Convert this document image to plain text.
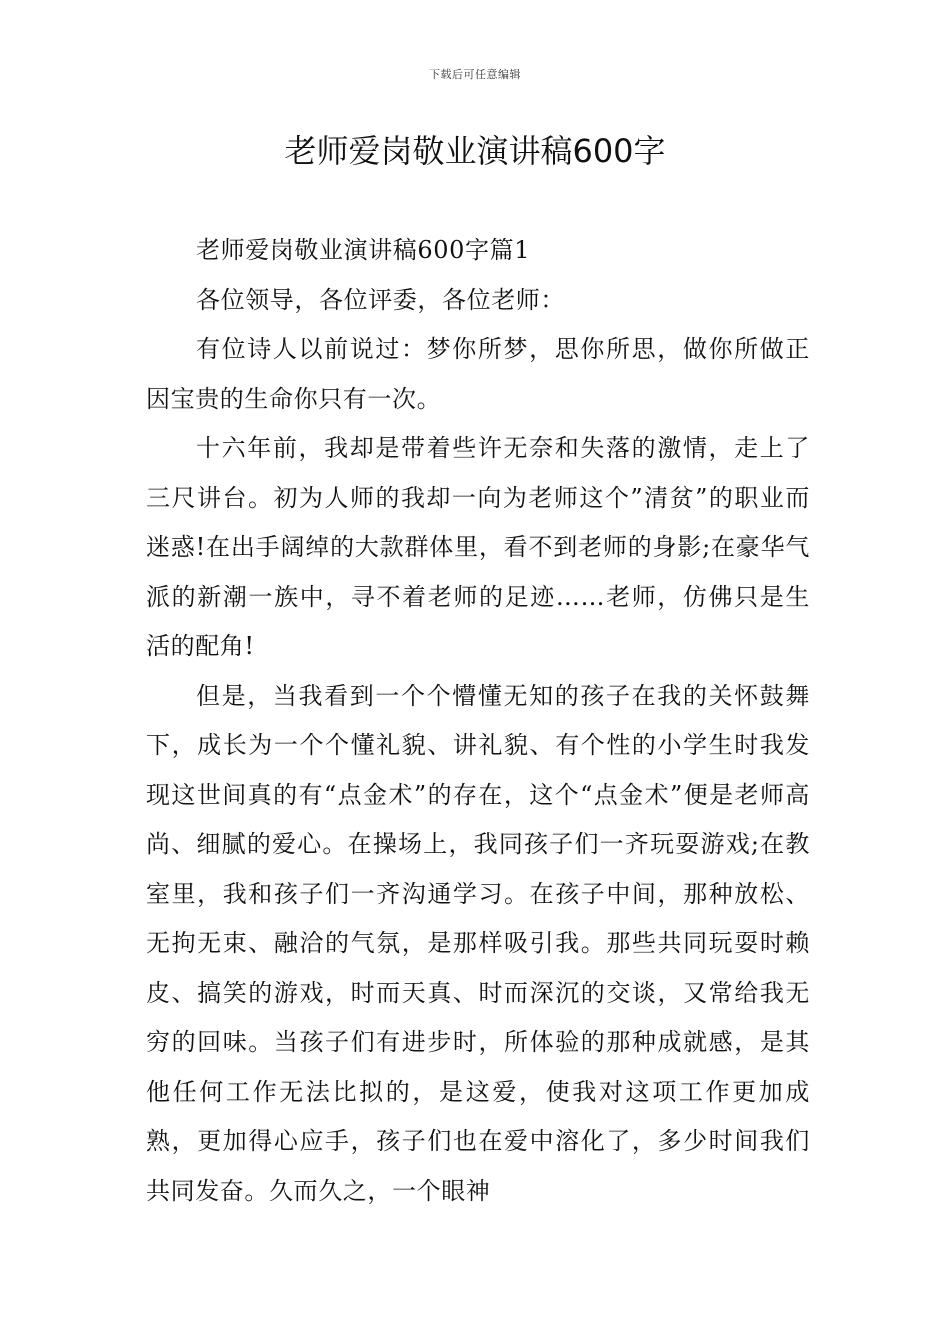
下载后可任意编辑
老师爱岗敬业演讲稿600字

老师爱岗敬业演讲稿600字篇1

各位领导，各位评委，各位老师：

有位诗人以前说过：梦你所梦，思你所思，做你所做正因宝贵的生命你只有一次。

十六年前，我却是带着些许无奈和失落的激情，走上了三尺讲台。初为人师的我却一向为老师这个”清贫”的职业而迷惑!在出手阔绰的大款群体里，看不到老师的身影;在豪华气派的新潮一族中，寻不着老师的足迹……老师，仿佛只是生活的配角!

但是，当我看到一个个懵懂无知的孩子在我的关怀鼓舞下，成长为一个个懂礼貌、讲礼貌、有个性的小学生时我发现这世间真的有“点金术”的存在，这个“点金术”便是老师高尚、细腻的爱心。在操场上，我同孩子们一齐玩耍游戏;在教室里，我和孩子们一齐沟通学习。在孩子中间，那种放松、无拘无束、融洽的气氛，是那样吸引我。那些共同玩耍时赖皮、搞笑的游戏，时而天真、时而深沉的交谈，又常给我无穷的回味。当孩子们有进步时，所体验的那种成就感，是其他任何工作无法比拟的，是这爱，使我对这项工作更加成熟，更加得心应手，孩子们也在爱中溶化了，多少时间我们共同发奋。久而久之，一个眼神
